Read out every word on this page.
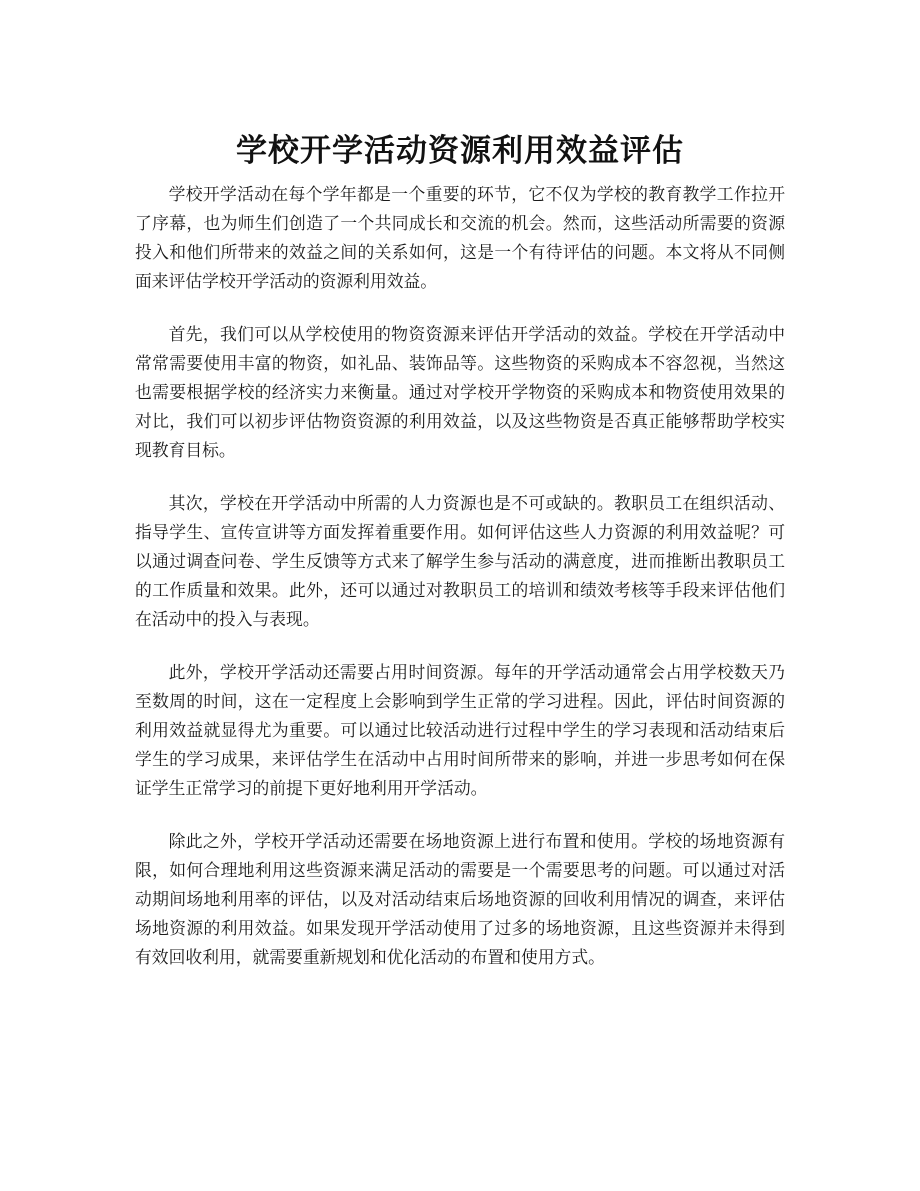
学校开学活动资源利用效益评估

学校开学活动在每个学年都是一个重要的环节，它不仅为学校的教育教学工作拉开了序幕，也为师生们创造了一个共同成长和交流的机会。然而，这些活动所需要的资源投入和他们所带来的效益之间的关系如何，这是一个有待评估的问题。本文将从不同侧面来评估学校开学活动的资源利用效益。

首先，我们可以从学校使用的物资资源来评估开学活动的效益。学校在开学活动中常常需要使用丰富的物资，如礼品、装饰品等。这些物资的采购成本不容忽视，当然这也需要根据学校的经济实力来衡量。通过对学校开学物资的采购成本和物资使用效果的对比，我们可以初步评估物资资源的利用效益，以及这些物资是否真正能够帮助学校实现教育目标。

其次，学校在开学活动中所需的人力资源也是不可或缺的。教职员工在组织活动、指导学生、宣传宣讲等方面发挥着重要作用。如何评估这些人力资源的利用效益呢？可以通过调查问卷、学生反馈等方式来了解学生参与活动的满意度，进而推断出教职员工的工作质量和效果。此外，还可以通过对教职员工的培训和绩效考核等手段来评估他们在活动中的投入与表现。

此外，学校开学活动还需要占用时间资源。每年的开学活动通常会占用学校数天乃至数周的时间，这在一定程度上会影响到学生正常的学习进程。因此，评估时间资源的利用效益就显得尤为重要。可以通过比较活动进行过程中学生的学习表现和活动结束后学生的学习成果，来评估学生在活动中占用时间所带来的影响，并进一步思考如何在保证学生正常学习的前提下更好地利用开学活动。

除此之外，学校开学活动还需要在场地资源上进行布置和使用。学校的场地资源有限，如何合理地利用这些资源来满足活动的需要是一个需要思考的问题。可以通过对活动期间场地利用率的评估，以及对活动结束后场地资源的回收利用情况的调查，来评估场地资源的利用效益。如果发现开学活动使用了过多的场地资源，且这些资源并未得到有效回收利用，就需要重新规划和优化活动的布置和使用方式。
